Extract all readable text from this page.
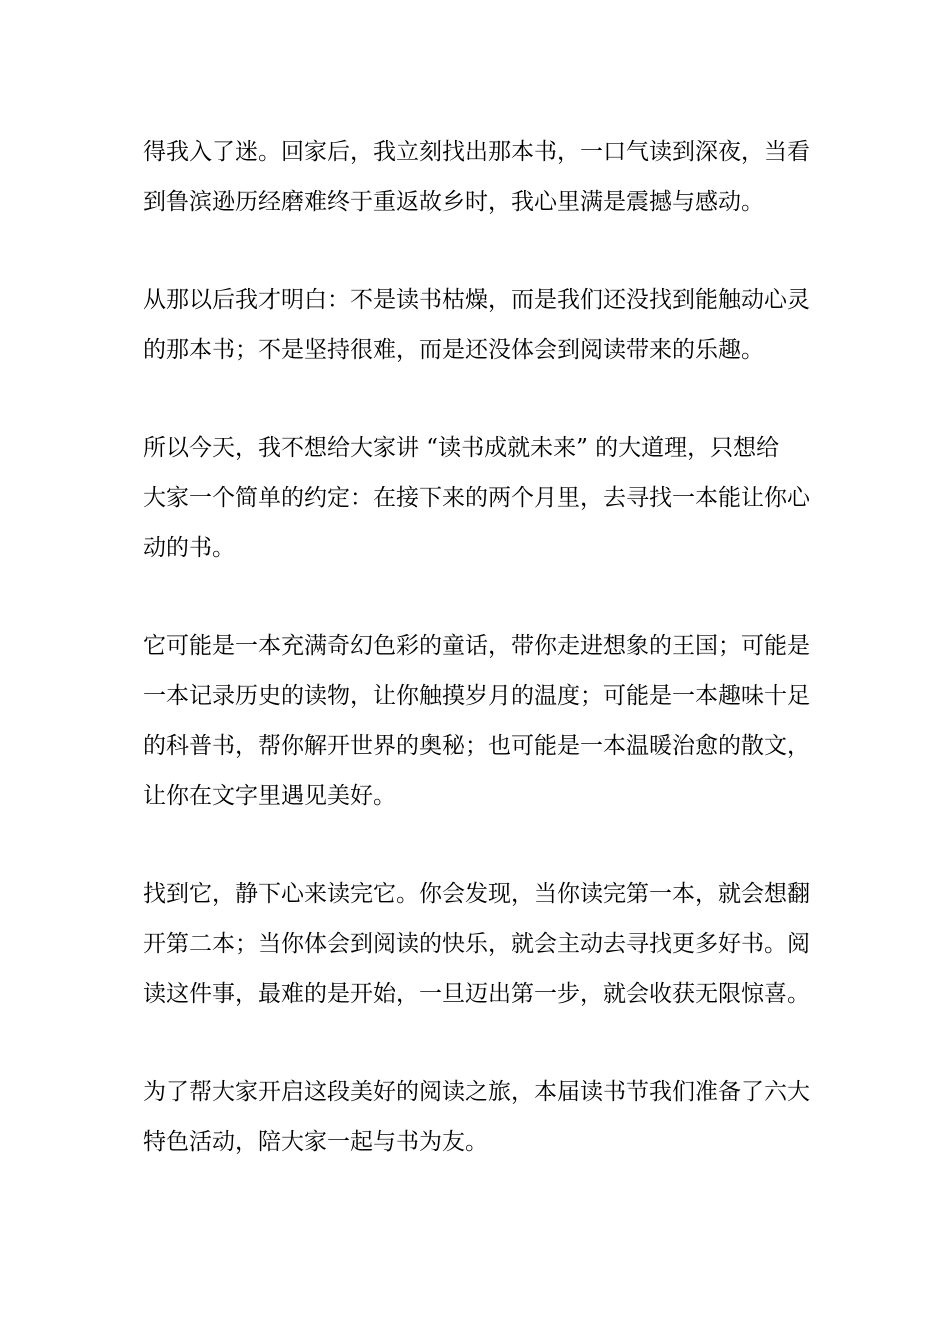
得我入了迷。回家后，我立刻找出那本书，一口气读到深夜，当看
到鲁滨逊历经磨难终于重返故乡时，我心里满是震撼与感动。
从那以后我才明白：不是读书枯燥，而是我们还没找到能触动心灵
的那本书；不是坚持很难，而是还没体会到阅读带来的乐趣。
所以今天，我不想给大家讲 “读书成就未来” 的大道理，只想给
大家一个简单的约定：在接下来的两个月里，去寻找一本能让你心
动的书。
它可能是一本充满奇幻色彩的童话，带你走进想象的王国；可能是
一本记录历史的读物，让你触摸岁月的温度；可能是一本趣味十足
的科普书，帮你解开世界的奥秘；也可能是一本温暖治愈的散文，
让你在文字里遇见美好。
找到它，静下心来读完它。你会发现，当你读完第一本，就会想翻
开第二本；当你体会到阅读的快乐，就会主动去寻找更多好书。阅
读这件事，最难的是开始，一旦迈出第一步，就会收获无限惊喜。
为了帮大家开启这段美好的阅读之旅，本届读书节我们准备了六大
特色活动，陪大家一起与书为友。
